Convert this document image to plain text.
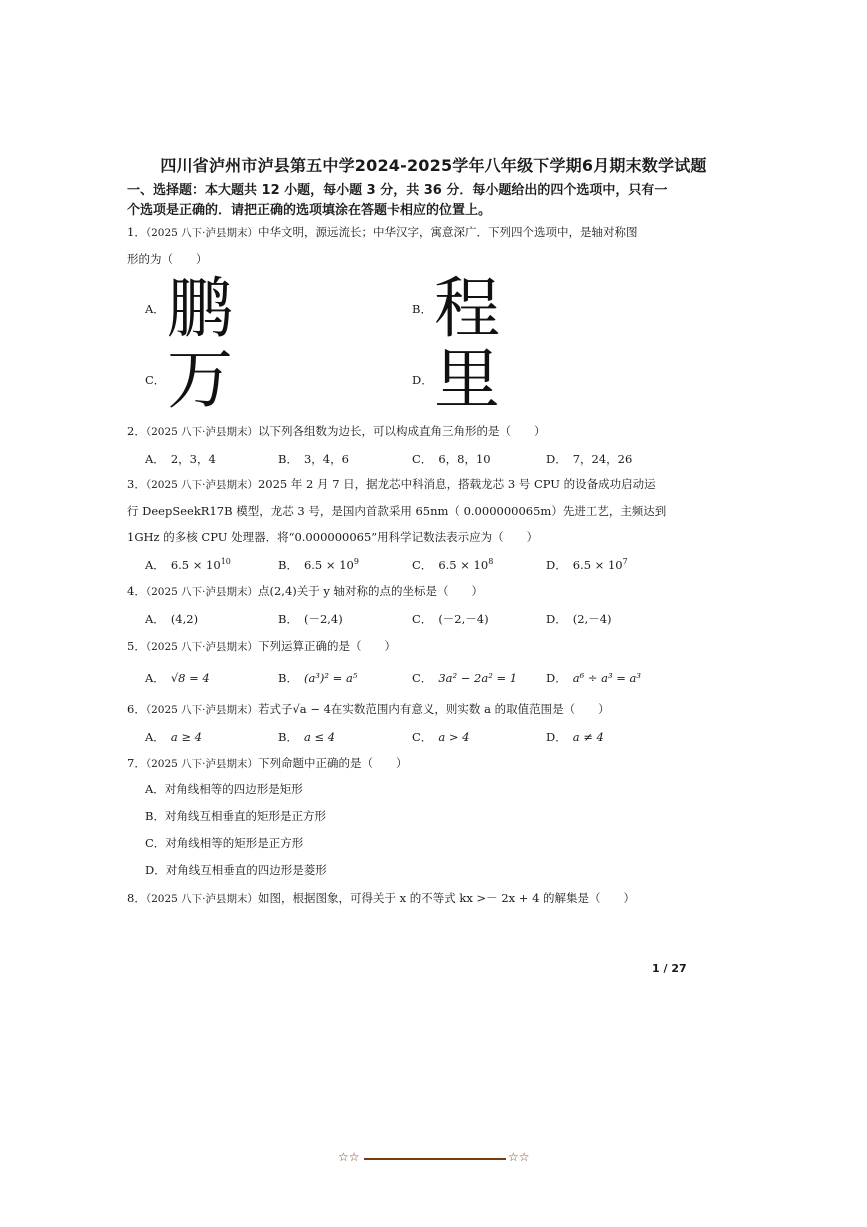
四川省泸州市泸县第五中学2024-2025学年八年级下学期6月期末数学试题
一、选择题：本大题共 12 小题，每小题 3 分，共 36 分．每小题给出的四个选项中，只有一
个选项是正确的．请把正确的选项填涂在答题卡相应的位置上。
1．（2025 八下·泸县期末）中华文明，源远流长；中华汉字，寓意深广．下列四个选项中，是轴对称图
形的为（　　）
A． 鹏	B． 程
C． 万	D． 里
2．（2025 八下·泸县期末）以下列各组数为边长，可以构成直角三角形的是（　　）
A． 2，3，4	B． 3，4，6	C． 6，8，10	D． 7，24，26
3．（2025 八下·泸县期末）2025 年 2 月 7 日，据龙芯中科消息，搭载龙芯 3 号 CPU 的设备成功启动运
行 DeepSeekR17B 模型，龙芯 3 号，是国内首款采用 65nm（ 0.000000065m）先进工艺，主频达到
1GHz 的多核 CPU 处理器．将“0.000000065”用科学记数法表示应为（　　）
A． $6.5 \times 10^{10}$	B． $6.5 \times 10^9$	C． $6.5 \times 10^8$	D． $6.5 \times 10^7$
4．（2025 八下·泸县期末）点(2,4)关于 y 轴对称的点的坐标是（　　）
A． (4,2)	B． (－2,4)	C． (－2,－4)	D． (2,－4)
5．（2025 八下·泸县期末）下列运算正确的是（　　）
A． √8 = 4	B． (a³)² = a⁵	C． 3a² − 2a² = 1	D． a⁶ ÷ a³ = a³
6．（2025 八下·泸县期末）若式子√a − 4在实数范围内有意义，则实数 a 的取值范围是（　　）
A． a ≥ 4	B． a ≤ 4	C． a > 4	D． a ≠ 4
7．（2025 八下·泸县期末）下列命题中正确的是（　　）
A．对角线相等的四边形是矩形
B．对角线互相垂直的矩形是正方形
C．对角线相等的矩形是正方形
D．对角线互相垂直的四边形是菱形
8．（2025 八下·泸县期末）如图，根据图象，可得关于 x 的不等式 kx >－ 2x + 4 的解集是（　　）
1 / 27
☆☆	☆☆
